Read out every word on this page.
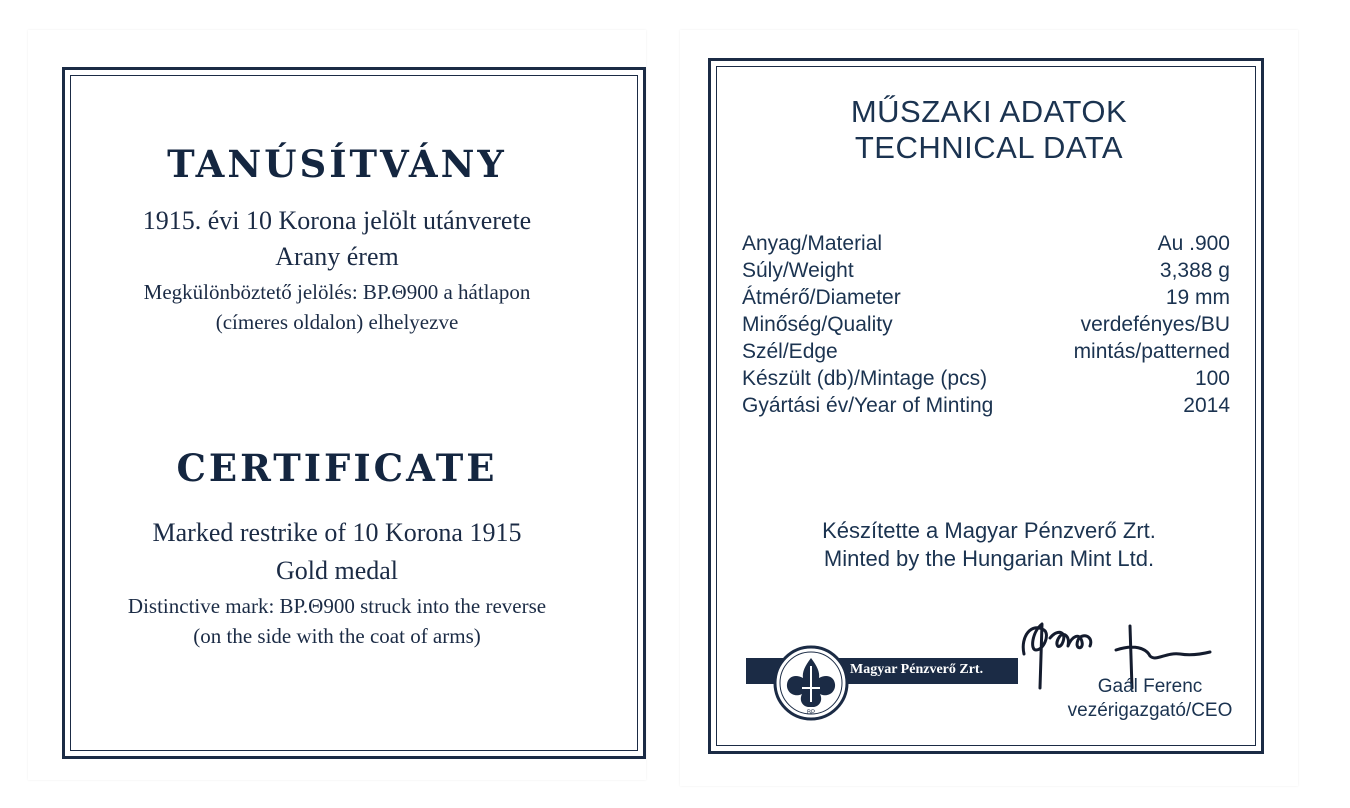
TANÚSÍTVÁNY

1915. évi 10 Korona jelölt utánverete

Arany érem

Megkülönböztető jelölés: BP.Θ900 a hátlapon

(címeres oldalon) elhelyezve

CERTIFICATE

Marked restrike of 10 Korona 1915

Gold medal

Distinctive mark: BP.Θ900 struck into the reverse

(on the side with the coat of arms)

MŰSZAKI ADATOK

TECHNICAL DATA

Anyag/Material	Au .900
Súly/Weight	3,388 g
Átmérő/Diameter	19 mm
Minőség/Quality	verdefényes/BU
Szél/Edge	mintás/patterned
Készült (db)/Mintage (pcs)	100
Gyártási év/Year of Minting	2014

Készítette a Magyar Pénzverő Zrt.

Minted by the Hungarian Mint Ltd.

Magyar Pénzverő Zrt.
BP

Gaál Ferenc

vezérigazgató/CEO
